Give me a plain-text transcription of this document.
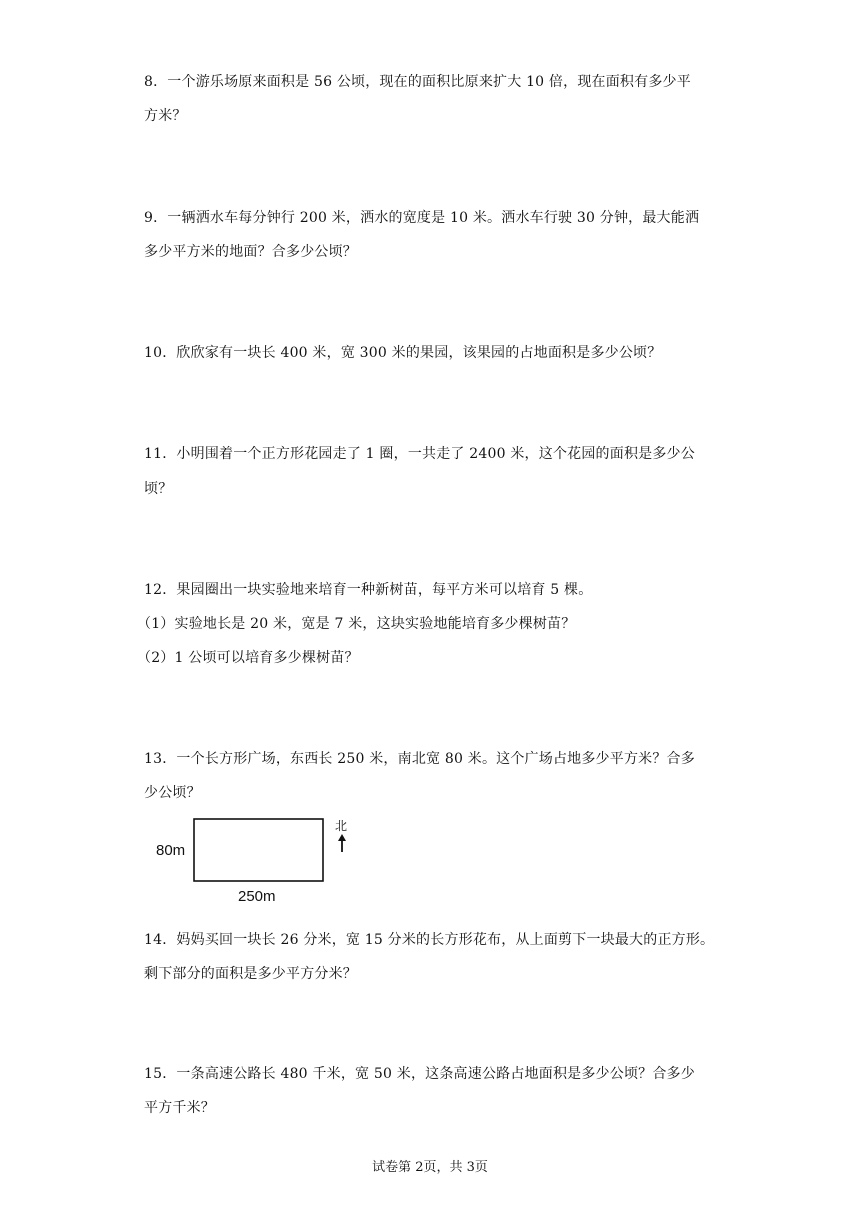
8．一个游乐场原来面积是 56 公顷，现在的面积比原来扩大 10 倍，现在面积有多少平
方米？
9．一辆洒水车每分钟行 200 米，洒水的宽度是 10 米。洒水车行驶 30 分钟，最大能洒
多少平方米的地面？合多少公顷？
10．欣欣家有一块长 400 米，宽 300 米的果园，该果园的占地面积是多少公顷？
11．小明围着一个正方形花园走了 1 圈，一共走了 2400 米，这个花园的面积是多少公
顷？
12．果园圈出一块实验地来培育一种新树苗，每平方米可以培育 5 棵。
（1）实验地长是 20 米，宽是 7 米，这块实验地能培育多少棵树苗？
（2）1 公顷可以培育多少棵树苗？
13．一个长方形广场，东西长 250 米，南北宽 80 米。这个广场占地多少平方米？合多
少公顷？
80m
250m
北
14．妈妈买回一块长 26 分米，宽 15 分米的长方形花布，从上面剪下一块最大的正方形。
剩下部分的面积是多少平方分米？
15．一条高速公路长 480 千米，宽 50 米，这条高速公路占地面积是多少公顷？合多少
平方千米？
试卷第 2页，共 3页
